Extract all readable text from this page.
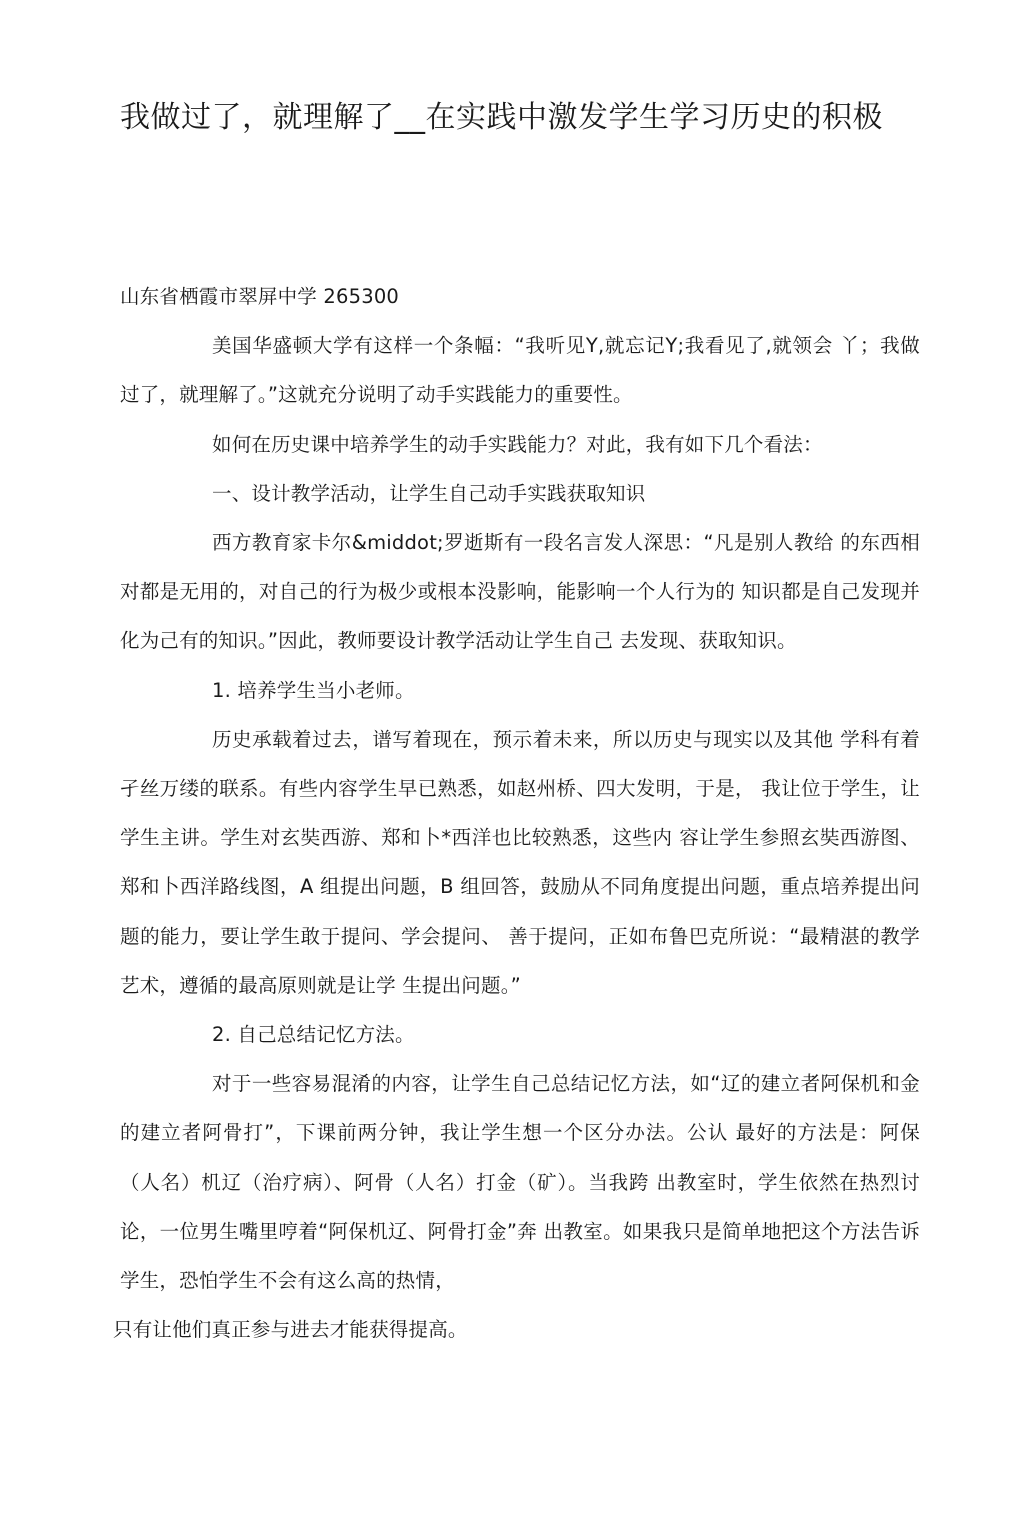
我做过了，就理解了__在实践中激发学生学习历史的积极

山东省栖霞市翠屏中学 265300

美国华盛顿大学有这样一个条幅：“我听见Y,就忘记Y;我看见了,就领会 丫；我做过了，就理解了。”这就充分说明了动手实践能力的重要性。

如何在历史课中培养学生的动手实践能力？对此，我有如下几个看法：

一、设计教学活动，让学生自己动手实践获取知识

西方教育家卡尔&middot;罗逝斯有一段名言发人深思：“凡是别人教给 的东西相对都是无用的，对自己的行为极少或根本没影响，能影响一个人行为的 知识都是自己发现并化为己有的知识。”因此，教师要设计教学活动让学生自己 去发现、获取知识。

1. 培养学生当小老师。

历史承载着过去，谱写着现在，预示着未来，所以历史与现实以及其他 学科有着孑丝万缕的联系。有些内容学生早已熟悉，如赵州桥、四大发明，于是， 我让位于学生，让学生主讲。学生对玄奘西游、郑和卜*西洋也比较熟悉，这些内 容让学生参照玄奘西游图、郑和卜西洋路线图，A 组提出问题，B 组回答，鼓励从不同角度提出问题，重点培养提出问题的能力，要让学生敢于提问、学会提问、 善于提问，正如布鲁巴克所说：“最精湛的教学艺术，遵循的最高原则就是让学 生提出问题。”

2. 自己总结记忆方法。

对于一些容易混淆的内容，让学生自己总结记忆方法，如“辽的建立者阿保机和金的建立者阿骨打”，下课前两分钟，我让学生想一个区分办法。公认 最好的方法是：阿保（人名）机辽（治疗病）、阿骨（人名）打金（矿）。当我跨 出教室时，学生依然在热烈讨论，一位男生嘴里哼着“阿保机辽、阿骨打金”奔 出教室。如果我只是简单地把这个方法告诉学生，恐怕学生不会有这么高的热情，

只有让他们真正参与进去才能获得提高。
